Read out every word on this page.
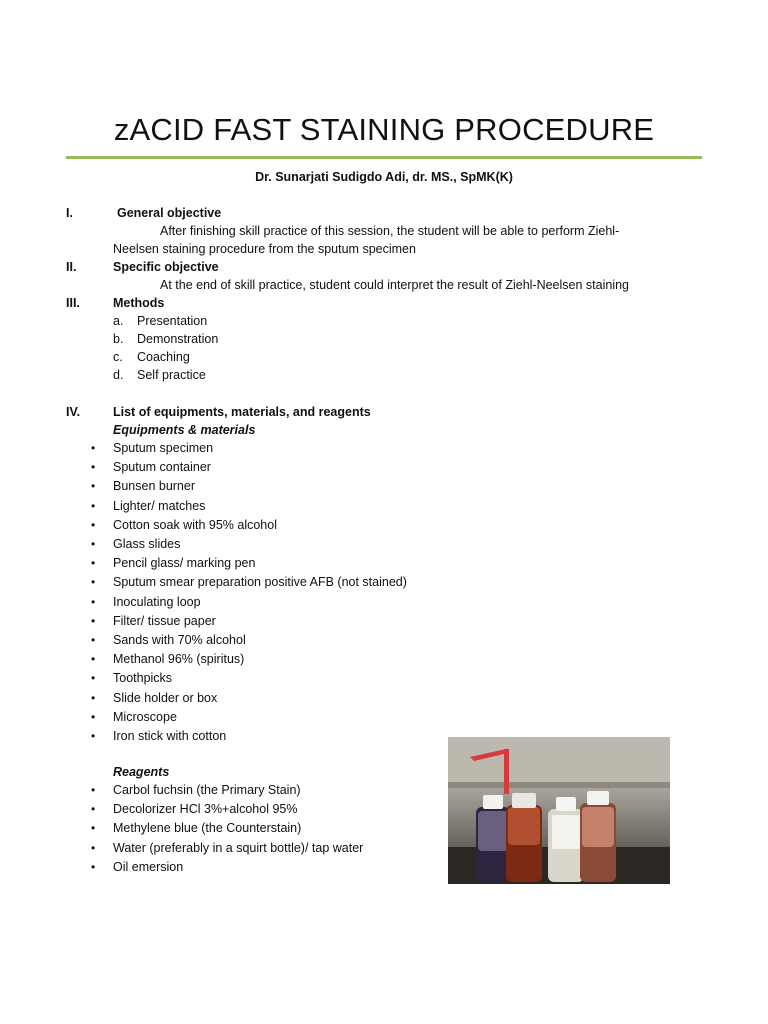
zACID FAST STAINING PROCEDURE
Dr. Sunarjati Sudigdo Adi, dr. MS., SpMK(K)
I.	General objective
After finishing skill practice of this session, the student will be able to perform Ziehl-
Neelsen staining procedure from the sputum specimen
II.	Specific objective
At the end of skill practice, student could interpret the result of Ziehl-Neelsen staining
III.	Methods
a. Presentation
b. Demonstration
c. Coaching
d. Self practice
IV.	List of equipments, materials, and reagents
Equipments & materials
• Sputum specimen
• Sputum container
• Bunsen burner
• Lighter/ matches
• Cotton soak with 95% alcohol
• Glass slides
• Pencil glass/ marking pen
• Sputum smear preparation positive AFB (not stained)
• Inoculating loop
• Filter/ tissue paper
• Sands with 70% alcohol
• Methanol 96% (spiritus)
• Toothpicks
• Slide holder or box
• Microscope
• Iron stick with cotton
Reagents
• Carbol fuchsin (the Primary Stain)
• Decolorizer HCl 3%+alcohol 95%
• Methylene blue (the Counterstain)
• Water (preferably in a squirt bottle)/ tap water
• Oil emersion
